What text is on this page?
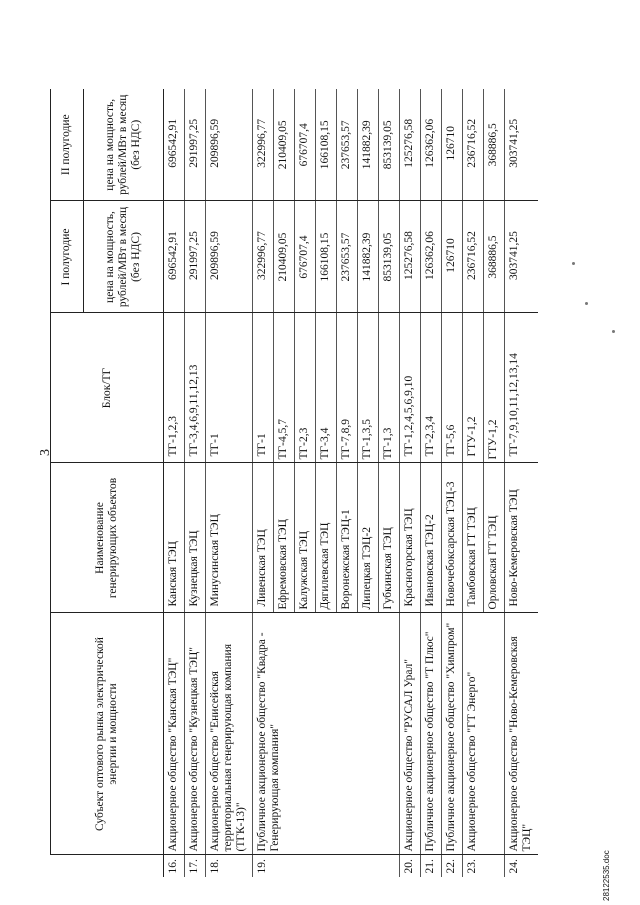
3
	Субъект оптового рынка электрической энергии и мощности	Наименование генерирующих объектов	Блок/ТГ	I полугодие	II полугодие
				цена на мощность, рублей/МВт в месяц (без НДС)	цена на мощность, рублей/МВт в месяц (без НДС)
16.	Акционерное общество "Канская ТЭЦ"	Канская ТЭЦ	ТГ-1,2,3	696542,91	696542,91
17.	Акционерное общество "Кузнецкая ТЭЦ"	Кузнецкая ТЭЦ	ТГ-3,4,6,9,11,12,13	291997,25	291997,25
18.	Акционерное общество "Енисейская территориальная генерирующая компания (ТГК-13)"	Минусинская ТЭЦ	ТГ-1	209896,59	209896,59
19.	Публичное акционерное общество "Квадра - Генерирующая компания"	Ливенская ТЭЦ	ТГ-1	322996,77	322996,77
		Ефремовская ТЭЦ	ТГ-4,5,7	210409,05	210409,05
		Калужская ТЭЦ	ТГ-2,3	676707,4	676707,4
		Дягилевская ТЭЦ	ТГ-3,4	166108,15	166108,15
		Воронежская ТЭЦ-1	ТГ-7,8,9	237653,57	237653,57
		Липецкая ТЭЦ-2	ТГ-1,3,5	141882,39	141882,39
		Губкинская ТЭЦ	ТГ-1,3	853139,05	853139,05
20.	Акционерное общество "РУСАЛ Урал"	Красногорская ТЭЦ	ТГ-1,2,4,5,6,9,10	125276,58	125276,58
21.	Публичное акционерное общество "Т Плюс"	Ивановская ТЭЦ-2	ТГ-2,3,4	126362,06	126362,06
22.	Публичное акционерное общество "Химпром"	Новочебоксарская ТЭЦ-3	ТГ-5,6	126710	126710
23.	Акционерное общество "ГТ Энерго"	Тамбовская ГТ ТЭЦ	ГТУ-1,2	236716,52	236716,52
		Орловская ГТ ТЭЦ	ГТУ-1,2	368886,5	368886,5
24.	Акционерное общество "Ново-Кемеровская ТЭЦ"	Ново-Кемеровская ТЭЦ	ТГ-7,9,10,11,12,13,14	303741,25	303741,25
28122535.doc
